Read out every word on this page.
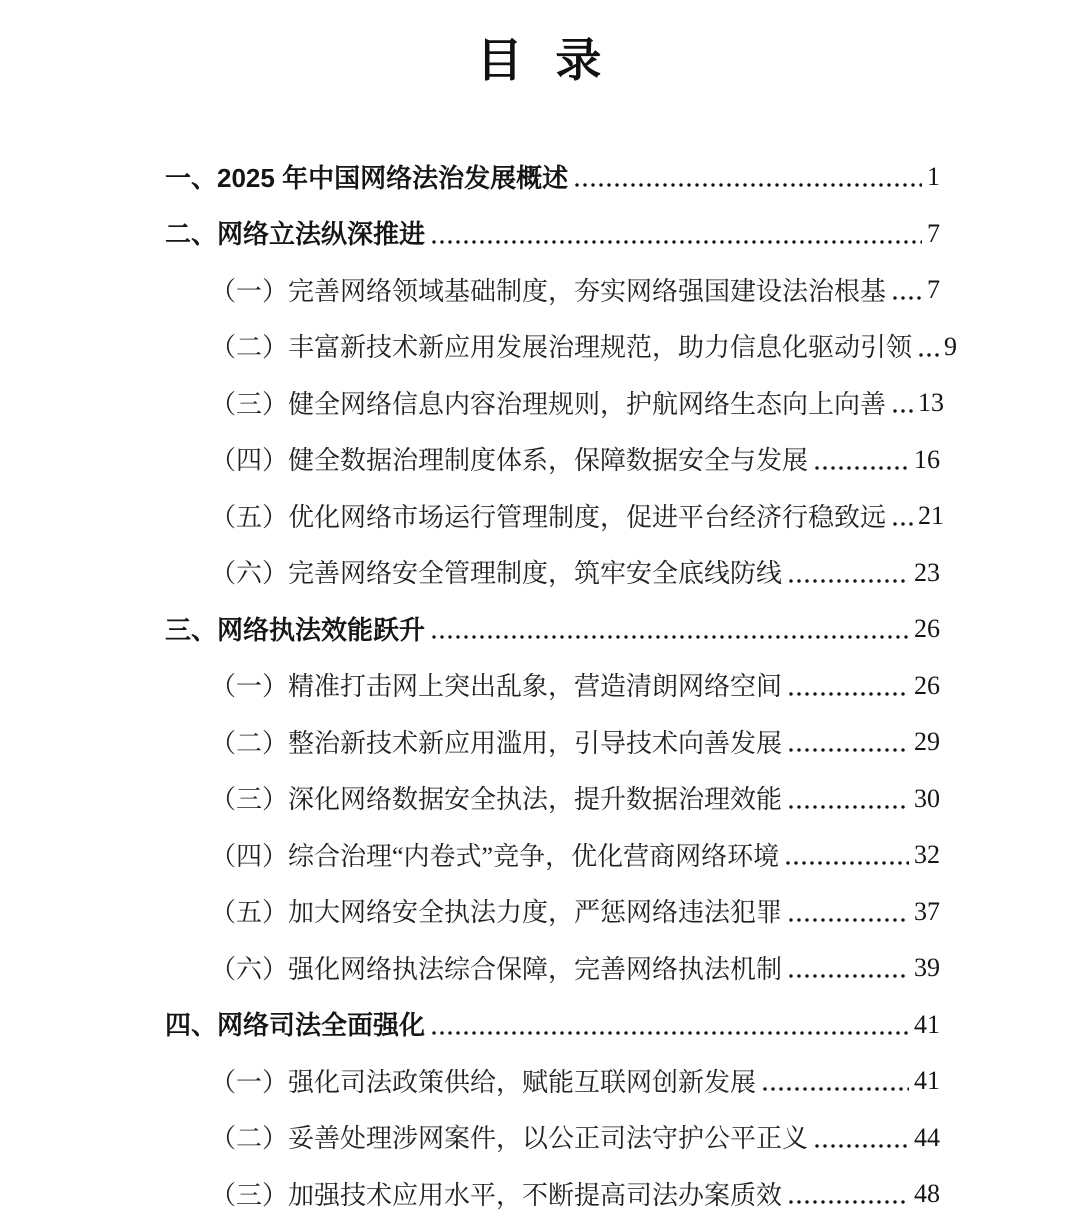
目 录
一、2025 年中国网络法治发展概述	1
二、网络立法纵深推进	7
（一）完善网络领域基础制度，夯实网络强国建设法治根基 7
（二）丰富新技术新应用发展治理规范，助力信息化驱动引领 9
（三）健全网络信息内容治理规则，护航网络生态向上向善 13
（四）健全数据治理制度体系，保障数据安全与发展	16
（五）优化网络市场运行管理制度，促进平台经济行稳致远 21
（六）完善网络安全管理制度，筑牢安全底线防线	23
三、网络执法效能跃升	26
（一）精准打击网上突出乱象，营造清朗网络空间	26
（二）整治新技术新应用滥用，引导技术向善发展	29
（三）深化网络数据安全执法，提升数据治理效能	30
（四）综合治理“内卷式”竞争，优化营商网络环境	32
（五）加大网络安全执法力度，严惩网络违法犯罪	37
（六）强化网络执法综合保障，完善网络执法机制	39
四、网络司法全面强化	41
（一）强化司法政策供给，赋能互联网创新发展	41
（二）妥善处理涉网案件，以公正司法守护公平正义	44
（三）加强技术应用水平，不断提高司法办案质效	48
